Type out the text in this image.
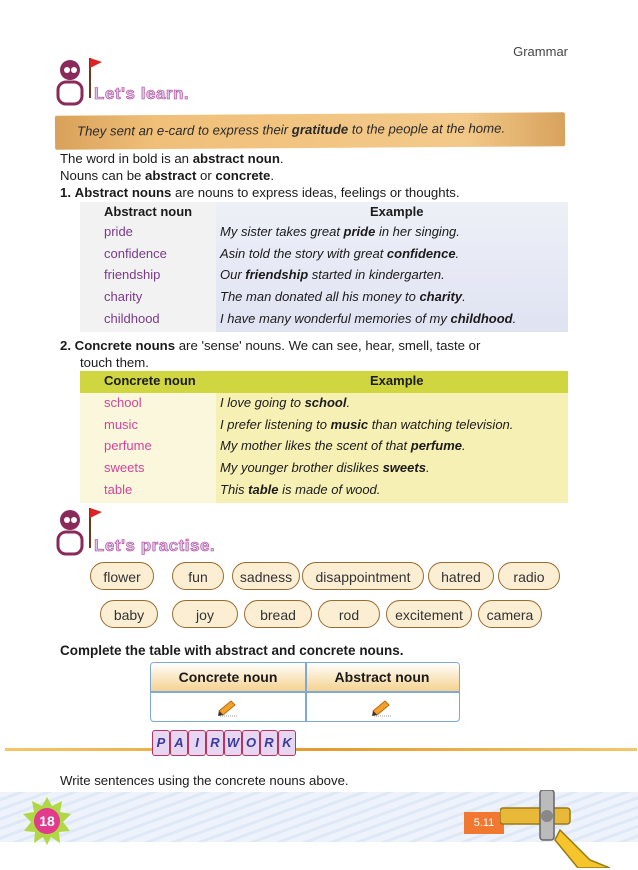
Grammar
Let's learn.
They sent an e-card to express their gratitude to the people at the home.
The word in bold is an abstract noun.
Nouns can be abstract or concrete.
1. Abstract nouns are nouns to express ideas, feelings or thoughts.
Abstract noun	Example
pride	My sister takes great pride in her singing.
confidence	Asin told the story with great confidence.
friendship	Our friendship started in kindergarten.
charity	The man donated all his money to charity.
childhood	I have many wonderful memories of my childhood.
2. Concrete nouns are 'sense' nouns. We can see, hear, smell, taste or
touch them.
Concrete noun	Example
school	I love going to school.
music	I prefer listening to music than watching television.
perfume	My mother likes the scent of that perfume.
sweets	My younger brother dislikes sweets.
table	This table is made of wood.
Let's practise.
flower	fun	sadness	disappointment	hatred	radio
baby	joy	bread	rod	excitement	camera
Complete the table with abstract and concrete nouns.
Concrete noun	Abstract noun
P A I R W O R K
Write sentences using the concrete nouns above.
18	5.11
